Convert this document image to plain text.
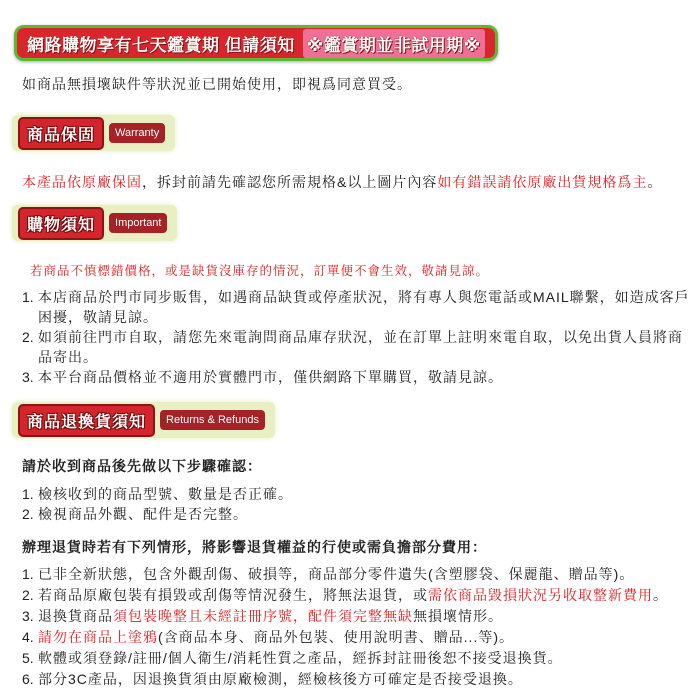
網路購物享有七天鑑賞期 但請須知 ※鑑賞期並非試用期※
如商品無損壞缺件等狀況並已開始使用，即視爲同意買受。
商品保固	Warranty
本產品依原廠保固，拆封前請先確認您所需規格&以上圖片內容如有錯誤請依原廠出貨規格爲主。
購物須知	Important
若商品不慎標錯價格，或是缺貨沒庫存的情況，訂單便不會生效，敬請見諒。
1. 本店商品於門市同步販售，如遇商品缺貨或停產狀況，將有專人與您電話或MAIL聯繫，如造成客戶困擾，敬請見諒。
2. 如須前往門市自取，請您先來電詢問商品庫存狀況，並在訂單上註明來電自取，以免出貨人員將商品寄出。
3. 本平台商品價格並不適用於實體門市，僅供網路下單購買，敬請見諒。
商品退換貨須知	Returns & Refunds
請於收到商品後先做以下步驟確認：
1. 檢核收到的商品型號、數量是否正確。
2. 檢視商品外觀、配件是否完整。
辦理退貨時若有下列情形，將影響退貨權益的行使或需負擔部分費用：
1. 已非全新狀態，包含外觀刮傷、破損等，商品部分零件遺失(含塑膠袋、保麗龍、贈品等)。
2. 若商品原廠包裝有損毀或刮傷等情況發生，將無法退貨，或需依商品毀損狀況另收取整新費用。
3. 退換貨商品須包裝晚整且未經註冊序號，配件須完整無缺無損壞情形。
4. 請勿在商品上塗鴉(含商品本身、商品外包裝、使用說明書、贈品...等)。
5. 軟體或須登錄/註冊/個人衛生/消耗性質之產品，經拆封註冊後恕不接受退換貨。
6. 部分3C產品，因退換貨須由原廠檢測，經檢核後方可確定是否接受退換。
